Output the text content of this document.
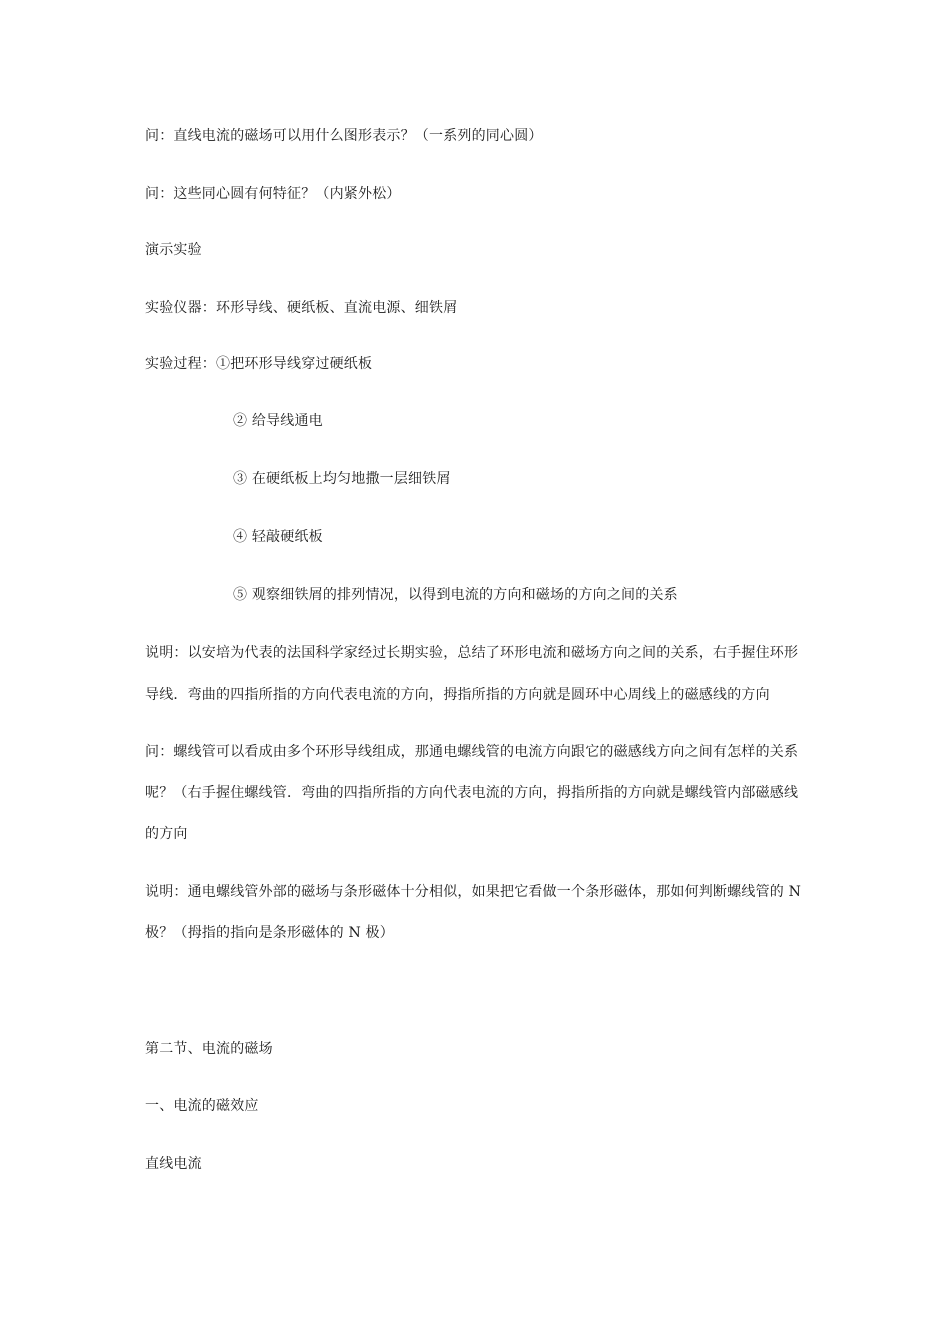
问：直线电流的磁场可以用什么图形表示？（一系列的同心圆）
问：这些同心圆有何特征？（内紧外松）
演示实验
实验仪器：环形导线、硬纸板、直流电源、细铁屑
实验过程：①把环形导线穿过硬纸板
② 给导线通电
③ 在硬纸板上均匀地撒一层细铁屑
④ 轻敲硬纸板
⑤ 观察细铁屑的排列情况，以得到电流的方向和磁场的方向之间的关系
说明：以安培为代表的法国科学家经过长期实验，总结了环形电流和磁场方向之间的关系，右手握住环形
导线．弯曲的四指所指的方向代表电流的方向，拇指所指的方向就是圆环中心周线上的磁感线的方向
问：螺线管可以看成由多个环形导线组成，那通电螺线管的电流方向跟它的磁感线方向之间有怎样的关系
呢？（右手握住螺线管．弯曲的四指所指的方向代表电流的方向，拇指所指的方向就是螺线管内部磁感线
的方向
说明：通电螺线管外部的磁场与条形磁体十分相似，如果把它看做一个条形磁体，那如何判断螺线管的 N
极？（拇指的指向是条形磁体的 N 极）
第二节、电流的磁场
一、电流的磁效应
直线电流
